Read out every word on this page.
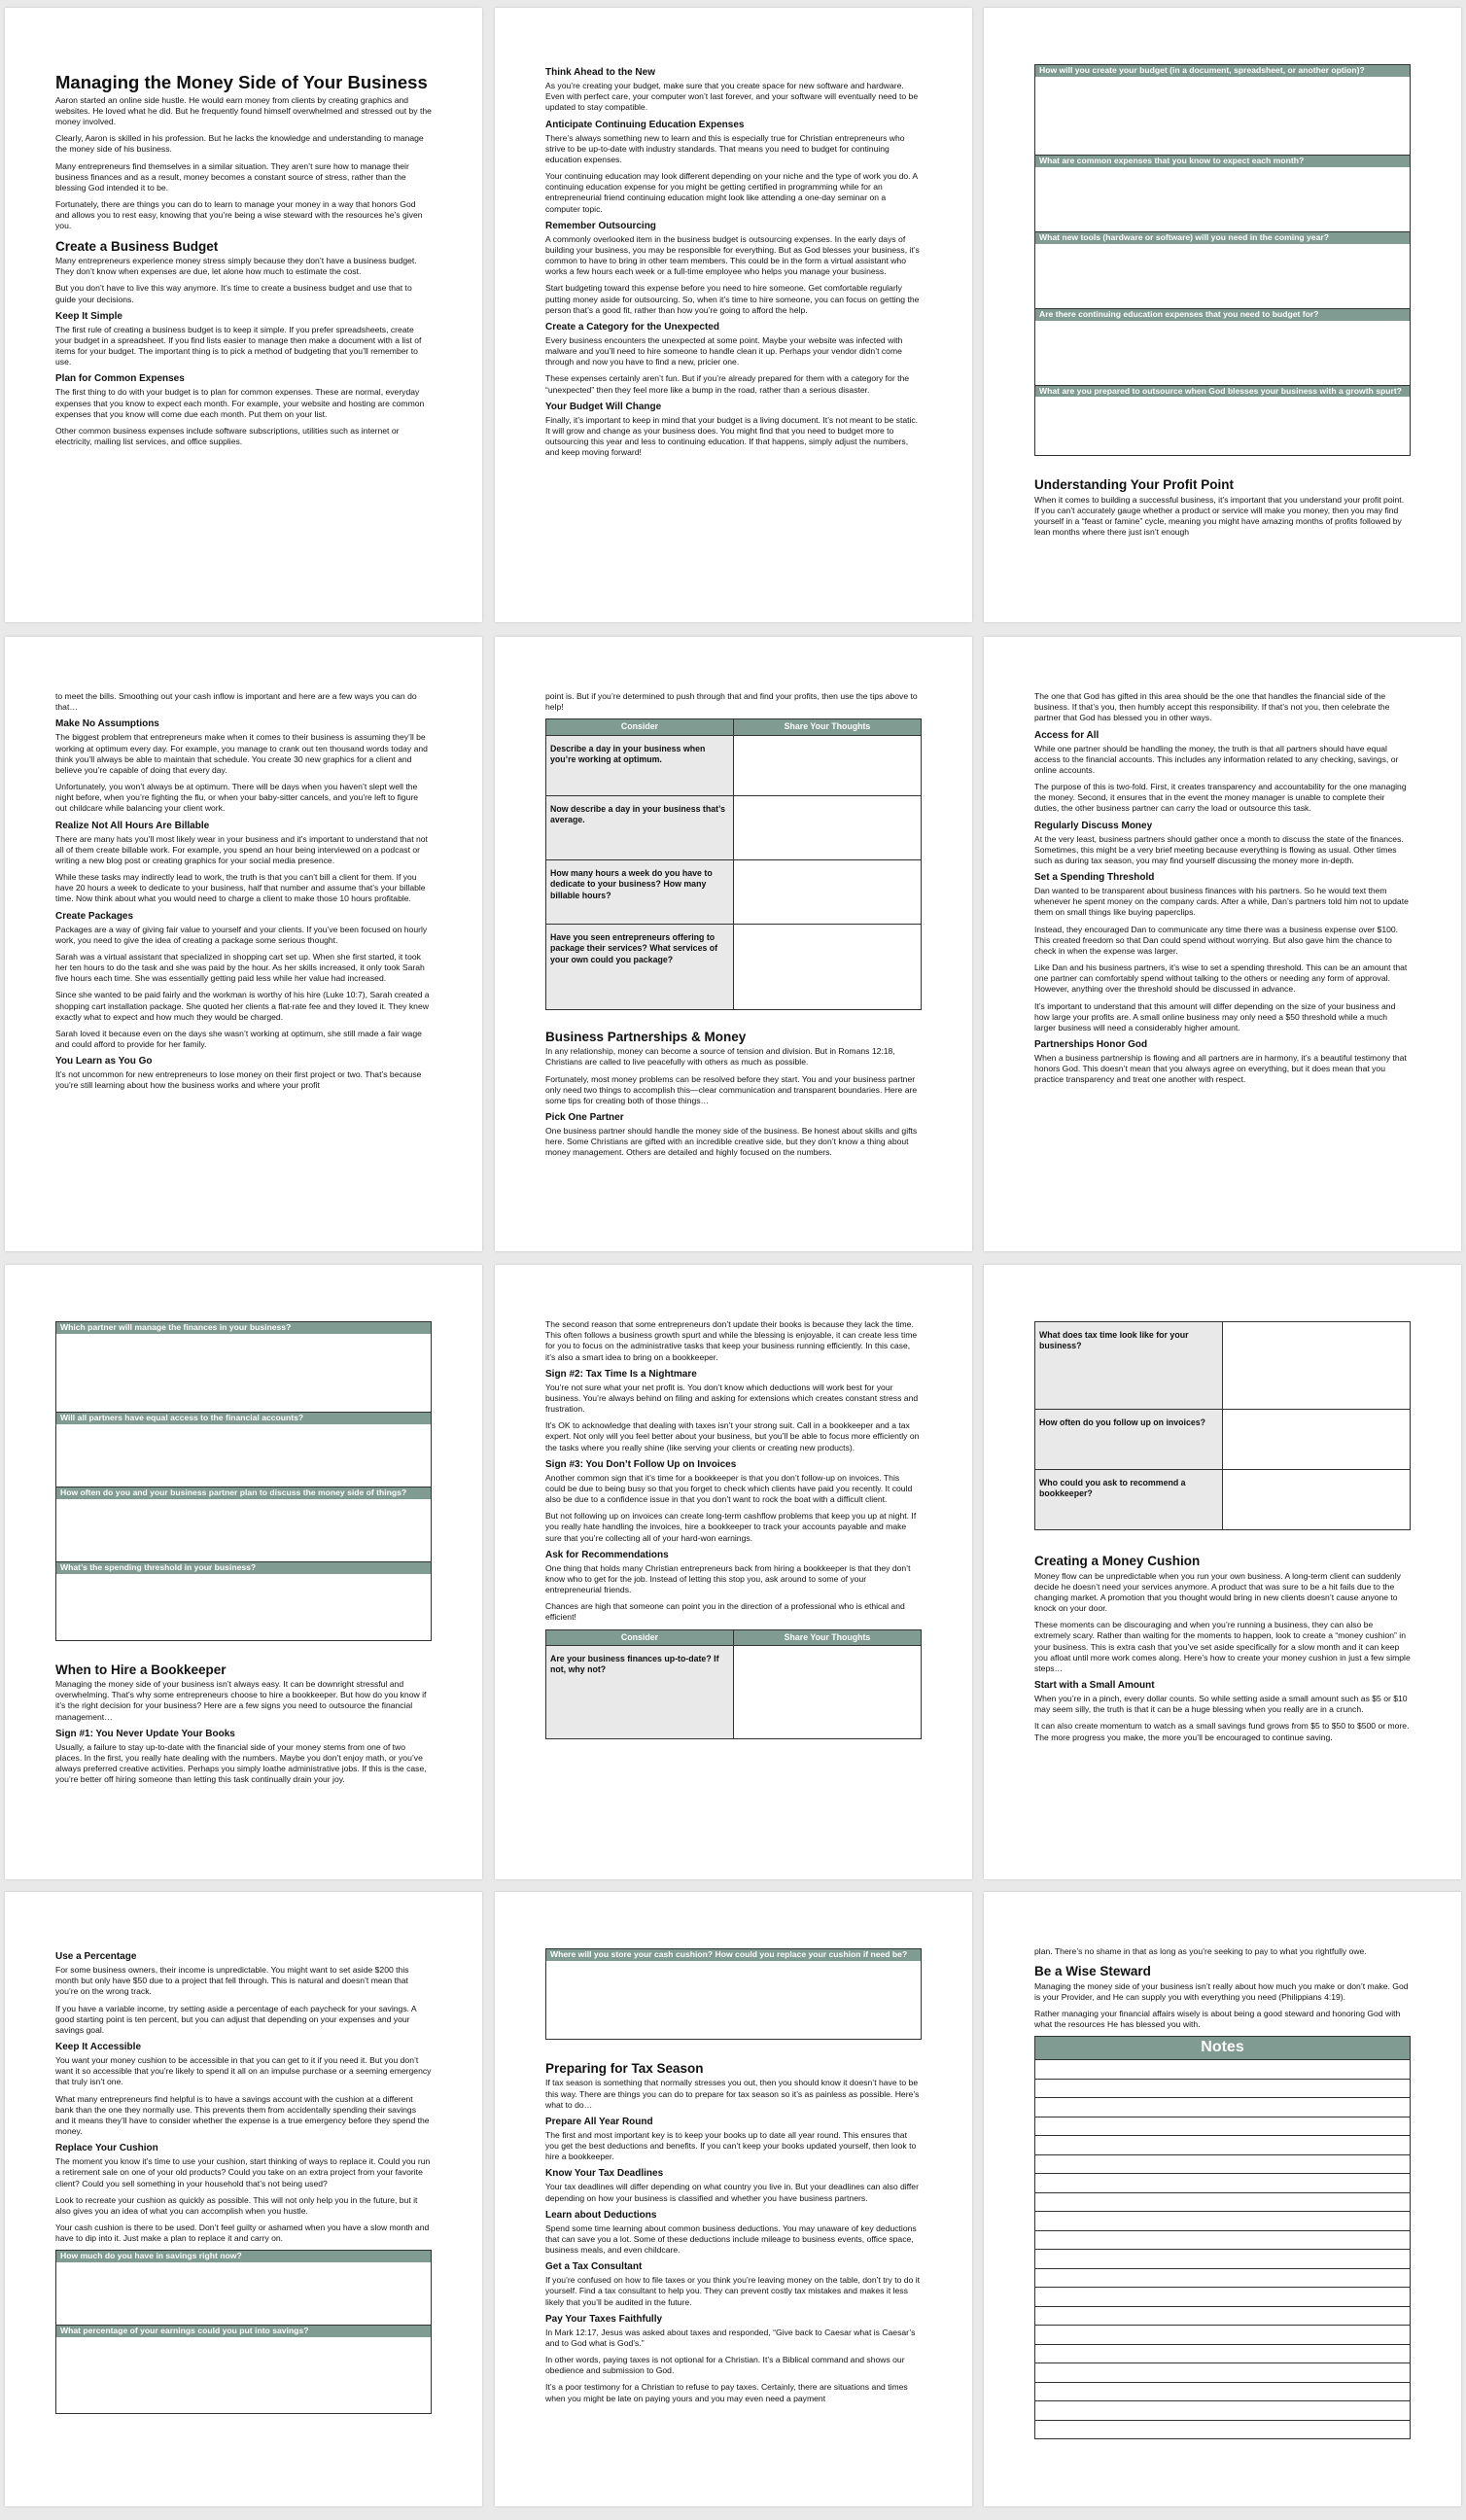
Managing the Money Side of Your Business

Aaron started an online side hustle. He would earn money from clients by creating graphics and websites. He loved what he did. But he frequently found himself overwhelmed and stressed out by the money involved.

Clearly, Aaron is skilled in his profession. But he lacks the knowledge and understanding to manage the money side of his business.

Many entrepreneurs find themselves in a similar situation. They aren’t sure how to manage their business finances and as a result, money becomes a constant source of stress, rather than the blessing God intended it to be.

Fortunately, there are things you can do to learn to manage your money in a way that honors God and allows you to rest easy, knowing that you’re being a wise steward with the resources he’s given you.

Create a Business Budget

Many entrepreneurs experience money stress simply because they don’t have a business budget. They don’t know when expenses are due, let alone how much to estimate the cost.

But you don’t have to live this way anymore. It’s time to create a business budget and use that to guide your decisions.

Keep It Simple

The first rule of creating a business budget is to keep it simple. If you prefer spreadsheets, create your budget in a spreadsheet. If you find lists easier to manage then make a document with a list of items for your budget. The important thing is to pick a method of budgeting that you’ll remember to use.

Plan for Common Expenses

The first thing to do with your budget is to plan for common expenses. These are normal, everyday expenses that you know to expect each month. For example, your website and hosting are common expenses that you know will come due each month. Put them on your list.

Other common business expenses include software subscriptions, utilities such as internet or electricity, mailing list services, and office supplies.

Think Ahead to the New

As you’re creating your budget, make sure that you create space for new software and hardware. Even with perfect care, your computer won’t last forever, and your software will eventually need to be updated to stay compatible.

Anticipate Continuing Education Expenses

There’s always something new to learn and this is especially true for Christian entrepreneurs who strive to be up-to-date with industry standards. That means you need to budget for continuing education expenses.

Your continuing education may look different depending on your niche and the type of work you do. A continuing education expense for you might be getting certified in programming while for an entrepreneurial friend continuing education might look like attending a one-day seminar on a computer topic.

Remember Outsourcing

A commonly overlooked item in the business budget is outsourcing expenses. In the early days of building your business, you may be responsible for everything. But as God blesses your business, it’s common to have to bring in other team members. This could be in the form a virtual assistant who works a few hours each week or a full-time employee who helps you manage your business.

Start budgeting toward this expense before you need to hire someone. Get comfortable regularly putting money aside for outsourcing. So, when it’s time to hire someone, you can focus on getting the person that’s a good fit, rather than how you’re going to afford the help.

Create a Category for the Unexpected

Every business encounters the unexpected at some point. Maybe your website was infected with malware and you’ll need to hire someone to handle clean it up. Perhaps your vendor didn’t come through and now you have to find a new, pricier one.

These expenses certainly aren’t fun. But if you’re already prepared for them with a category for the “unexpected” then they feel more like a bump in the road, rather than a serious disaster.

Your Budget Will Change

Finally, it’s important to keep in mind that your budget is a living document. It’s not meant to be static. It will grow and change as your business does. You might find that you need to budget more to outsourcing this year and less to continuing education. If that happens, simply adjust the numbers, and keep moving forward!

How will you create your budget (in a document, spreadsheet, or another option)?
What are common expenses that you know to expect each month?
What new tools (hardware or software) will you need in the coming year?
Are there continuing education expenses that you need to budget for?
What are you prepared to outsource when God blesses your business with a growth spurt?
Understanding Your Profit Point

When it comes to building a successful business, it’s important that you understand your profit point. If you can’t accurately gauge whether a product or service will make you money, then you may find yourself in a “feast or famine” cycle, meaning you might have amazing months of profits followed by lean months where there just isn’t enough

to meet the bills. Smoothing out your cash inflow is important and here are a few ways you can do that…

Make No Assumptions

The biggest problem that entrepreneurs make when it comes to their business is assuming they’ll be working at optimum every day. For example, you manage to crank out ten thousand words today and think you’ll always be able to maintain that schedule. You create 30 new graphics for a client and believe you’re capable of doing that every day.

Unfortunately, you won’t always be at optimum. There will be days when you haven’t slept well the night before, when you’re fighting the flu, or when your baby-sitter cancels, and you’re left to figure out childcare while balancing your client work.

Realize Not All Hours Are Billable

There are many hats you’ll most likely wear in your business and it’s important to understand that not all of them create billable work. For example, you spend an hour being interviewed on a podcast or writing a new blog post or creating graphics for your social media presence.

While these tasks may indirectly lead to work, the truth is that you can’t bill a client for them. If you have 20 hours a week to dedicate to your business, half that number and assume that’s your billable time. Now think about what you would need to charge a client to make those 10 hours profitable.

Create Packages

Packages are a way of giving fair value to yourself and your clients. If you’ve been focused on hourly work, you need to give the idea of creating a package some serious thought.

Sarah was a virtual assistant that specialized in shopping cart set up. When she first started, it took her ten hours to do the task and she was paid by the hour. As her skills increased, it only took Sarah five hours each time. She was essentially getting paid less while her value had increased.

Since she wanted to be paid fairly and the workman is worthy of his hire (Luke 10:7), Sarah created a shopping cart installation package. She quoted her clients a flat-rate fee and they loved it. They knew exactly what to expect and how much they would be charged.

Sarah loved it because even on the days she wasn’t working at optimum, she still made a fair wage and could afford to provide for her family.

You Learn as You Go

It’s not uncommon for new entrepreneurs to lose money on their first project or two. That’s because you’re still learning about how the business works and where your profit

point is. But if you’re determined to push through that and find your profits, then use the tips above to help!

Consider	Share Your Thoughts
Describe a day in your business when you’re working at optimum.	
Now describe a day in your business that’s average.	
How many hours a week do you have to dedicate to your business? How many billable hours?	
Have you seen entrepreneurs offering to package their services? What services of your own could you package?	
Business Partnerships & Money

In any relationship, money can become a source of tension and division. But in Romans 12:18, Christians are called to live peacefully with others as much as possible.

Fortunately, most money problems can be resolved before they start. You and your business partner only need two things to accomplish this—clear communication and transparent boundaries. Here are some tips for creating both of those things…

Pick One Partner

One business partner should handle the money side of the business. Be honest about skills and gifts here. Some Christians are gifted with an incredible creative side, but they don’t know a thing about money management. Others are detailed and highly focused on the numbers.

The one that God has gifted in this area should be the one that handles the financial side of the business. If that’s you, then humbly accept this responsibility. If that’s not you, then celebrate the partner that God has blessed you in other ways.

Access for All

While one partner should be handling the money, the truth is that all partners should have equal access to the financial accounts. This includes any information related to any checking, savings, or online accounts.

The purpose of this is two-fold. First, it creates transparency and accountability for the one managing the money. Second, it ensures that in the event the money manager is unable to complete their duties, the other business partner can carry the load or outsource this task.

Regularly Discuss Money

At the very least, business partners should gather once a month to discuss the state of the finances. Sometimes, this might be a very brief meeting because everything is flowing as usual. Other times such as during tax season, you may find yourself discussing the money more in-depth.

Set a Spending Threshold

Dan wanted to be transparent about business finances with his partners. So he would text them whenever he spent money on the company cards. After a while, Dan’s partners told him not to update them on small things like buying paperclips.

Instead, they encouraged Dan to communicate any time there was a business expense over $100. This created freedom so that Dan could spend without worrying. But also gave him the chance to check in when the expense was larger.

Like Dan and his business partners, it’s wise to set a spending threshold. This can be an amount that one partner can comfortably spend without talking to the others or needing any form of approval. However, anything over the threshold should be discussed in advance.

It’s important to understand that this amount will differ depending on the size of your business and how large your profits are. A small online business may only need a $50 threshold while a much larger business will need a considerably higher amount.

Partnerships Honor God

When a business partnership is flowing and all partners are in harmony, it’s a beautiful testimony that honors God. This doesn’t mean that you always agree on everything, but it does mean that you practice transparency and treat one another with respect.

Which partner will manage the finances in your business?
Will all partners have equal access to the financial accounts?
How often do you and your business partner plan to discuss the money side of things?
What’s the spending threshold in your business?
When to Hire a Bookkeeper

Managing the money side of your business isn’t always easy. It can be downright stressful and overwhelming. That’s why some entrepreneurs choose to hire a bookkeeper. But how do you know if it’s the right decision for your business? Here are a few signs you need to outsource the financial management…

Sign #1: You Never Update Your Books

Usually, a failure to stay up-to-date with the financial side of your money stems from one of two places. In the first, you really hate dealing with the numbers. Maybe you don’t enjoy math, or you’ve always preferred creative activities. Perhaps you simply loathe administrative jobs. If this is the case, you’re better off hiring someone than letting this task continually drain your joy.

The second reason that some entrepreneurs don’t update their books is because they lack the time. This often follows a business growth spurt and while the blessing is enjoyable, it can create less time for you to focus on the administrative tasks that keep your business running efficiently. In this case, it’s also a smart idea to bring on a bookkeeper.

Sign #2: Tax Time Is a Nightmare

You’re not sure what your net profit is. You don’t know which deductions will work best for your business. You’re always behind on filing and asking for extensions which creates constant stress and frustration.

It’s OK to acknowledge that dealing with taxes isn’t your strong suit. Call in a bookkeeper and a tax expert. Not only will you feel better about your business, but you’ll be able to focus more efficiently on the tasks where you really shine (like serving your clients or creating new products).

Sign #3: You Don’t Follow Up on Invoices

Another common sign that it’s time for a bookkeeper is that you don’t follow-up on invoices. This could be due to being busy so that you forget to check which clients have paid you recently. It could also be due to a confidence issue in that you don’t want to rock the boat with a difficult client.

But not following up on invoices can create long-term cashflow problems that keep you up at night. If you really hate handling the invoices, hire a bookkeeper to track your accounts payable and make sure that you’re collecting all of your hard-won earnings.

Ask for Recommendations

One thing that holds many Christian entrepreneurs back from hiring a bookkeeper is that they don’t know who to get for the job. Instead of letting this stop you, ask around to some of your entrepreneurial friends.

Chances are high that someone can point you in the direction of a professional who is ethical and efficient!

Consider	Share Your Thoughts
Are your business finances up-to-date? If not, why not?	
What does tax time look like for your business?	
How often do you follow up on invoices?	
Who could you ask to recommend a bookkeeper?	
Creating a Money Cushion

Money flow can be unpredictable when you run your own business. A long-term client can suddenly decide he doesn’t need your services anymore. A product that was sure to be a hit fails due to the changing market. A promotion that you thought would bring in new clients doesn’t cause anyone to knock on your door.

These moments can be discouraging and when you’re running a business, they can also be extremely scary. Rather than waiting for the moments to happen, look to create a “money cushion” in your business. This is extra cash that you’ve set aside specifically for a slow month and it can keep you afloat until more work comes along. Here’s how to create your money cushion in just a few simple steps…

Start with a Small Amount

When you’re in a pinch, every dollar counts. So while setting aside a small amount such as $5 or $10 may seem silly, the truth is that it can be a huge blessing when you really are in a crunch.

It can also create momentum to watch as a small savings fund grows from $5 to $50 to $500 or more. The more progress you make, the more you’ll be encouraged to continue saving.

Use a Percentage

For some business owners, their income is unpredictable. You might want to set aside $200 this month but only have $50 due to a project that fell through. This is natural and doesn’t mean that you’re on the wrong track.

If you have a variable income, try setting aside a percentage of each paycheck for your savings. A good starting point is ten percent, but you can adjust that depending on your expenses and your savings goal.

Keep It Accessible

You want your money cushion to be accessible in that you can get to it if you need it. But you don’t want it so accessible that you’re likely to spend it all on an impulse purchase or a seeming emergency that truly isn’t one.

What many entrepreneurs find helpful is to have a savings account with the cushion at a different bank than the one they normally use. This prevents them from accidentally spending their savings and it means they’ll have to consider whether the expense is a true emergency before they spend the money.

Replace Your Cushion

The moment you know it’s time to use your cushion, start thinking of ways to replace it. Could you run a retirement sale on one of your old products? Could you take on an extra project from your favorite client? Could you sell something in your household that’s not being used?

Look to recreate your cushion as quickly as possible. This will not only help you in the future, but it also gives you an idea of what you can accomplish when you hustle.

Your cash cushion is there to be used. Don’t feel guilty or ashamed when you have a slow month and have to dip into it. Just make a plan to replace it and carry on.

How much do you have in savings right now?
What percentage of your earnings could you put into savings?
Where will you store your cash cushion? How could you replace your cushion if need be?
Preparing for Tax Season

If tax season is something that normally stresses you out, then you should know it doesn’t have to be this way. There are things you can do to prepare for tax season so it’s as painless as possible. Here’s what to do…

Prepare All Year Round

The first and most important key is to keep your books up to date all year round. This ensures that you get the best deductions and benefits. If you can’t keep your books updated yourself, then look to hire a bookkeeper.

Know Your Tax Deadlines

Your tax deadlines will differ depending on what country you live in. But your deadlines can also differ depending on how your business is classified and whether you have business partners.

Learn about Deductions

Spend some time learning about common business deductions. You may unaware of key deductions that can save you a lot. Some of these deductions include mileage to business events, office space, business meals, and even childcare.

Get a Tax Consultant

If you’re confused on how to file taxes or you think you’re leaving money on the table, don’t try to do it yourself. Find a tax consultant to help you. They can prevent costly tax mistakes and makes it less likely that you’ll be audited in the future.

Pay Your Taxes Faithfully

In Mark 12:17, Jesus was asked about taxes and responded, “Give back to Caesar what is Caesar’s and to God what is God’s.”

In other words, paying taxes is not optional for a Christian. It’s a Biblical command and shows our obedience and submission to God.

It’s a poor testimony for a Christian to refuse to pay taxes. Certainly, there are situations and times when you might be late on paying yours and you may even need a payment

plan. There’s no shame in that as long as you’re seeking to pay to what you rightfully owe.

Be a Wise Steward

Managing the money side of your business isn’t really about how much you make or don’t make. God is your Provider, and He can supply you with everything you need (Philippians 4:19).

Rather managing your financial affairs wisely is about being a good steward and honoring God with what the resources He has blessed you with.

Notes
